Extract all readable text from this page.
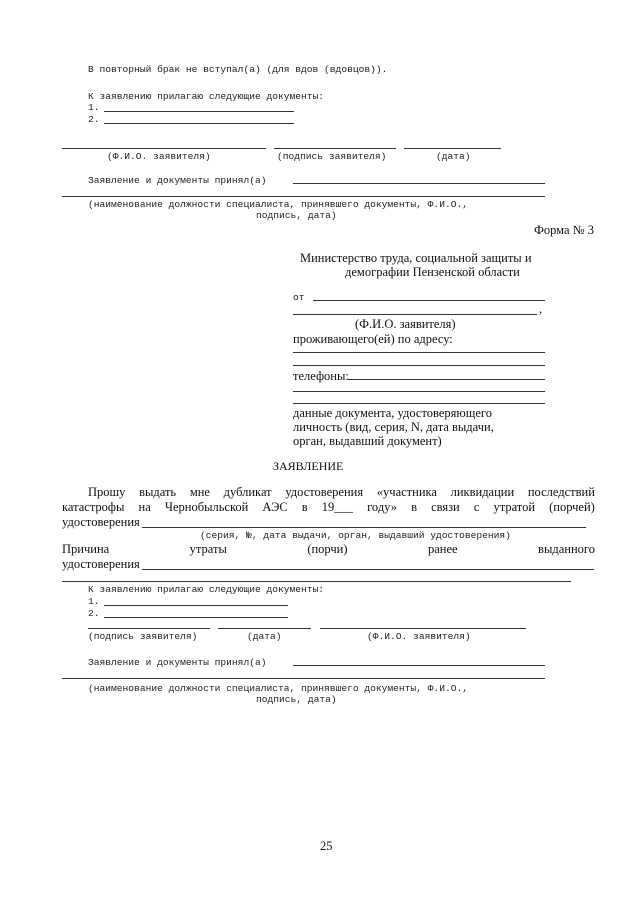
В повторный брак не вступал(а) (для вдов (вдовцов)).
К заявлению прилагаю следующие документы:
1.
2.
(Ф.И.О. заявителя)	(подпись заявителя)	(дата)
Заявление и документы принял(а)
(наименование должности специалиста, принявшего документы, Ф.И.О.,
подпись, дата)
Форма № 3
Министерство труда, социальной защиты и
демографии Пензенской области
от
,
(Ф.И.О. заявителя)
проживающего(ей) по адресу:
телефоны:
данные документа, удостоверяющего
личность (вид, серия, N, дата выдачи,
орган, выдавший документ)
ЗАЯВЛЕНИЕ
Прошу выдать мне дубликат удостоверения «участника ликвидации последствий
катастрофы на Чернобыльской АЭС в 19___ году» в связи с утратой (порчей)
удостоверения
(серия, №, дата выдачи, орган, выдавший удостоверения)
Причина	утраты	(порчи)	ранее	выданного
удостоверения
К заявлению прилагаю следующие документы:
1.
2.
(подпись заявителя)	(дата)	(Ф.И.О. заявителя)
Заявление и документы принял(а)
(наименование должности специалиста, принявшего документы, Ф.И.О.,
подпись, дата)
25
